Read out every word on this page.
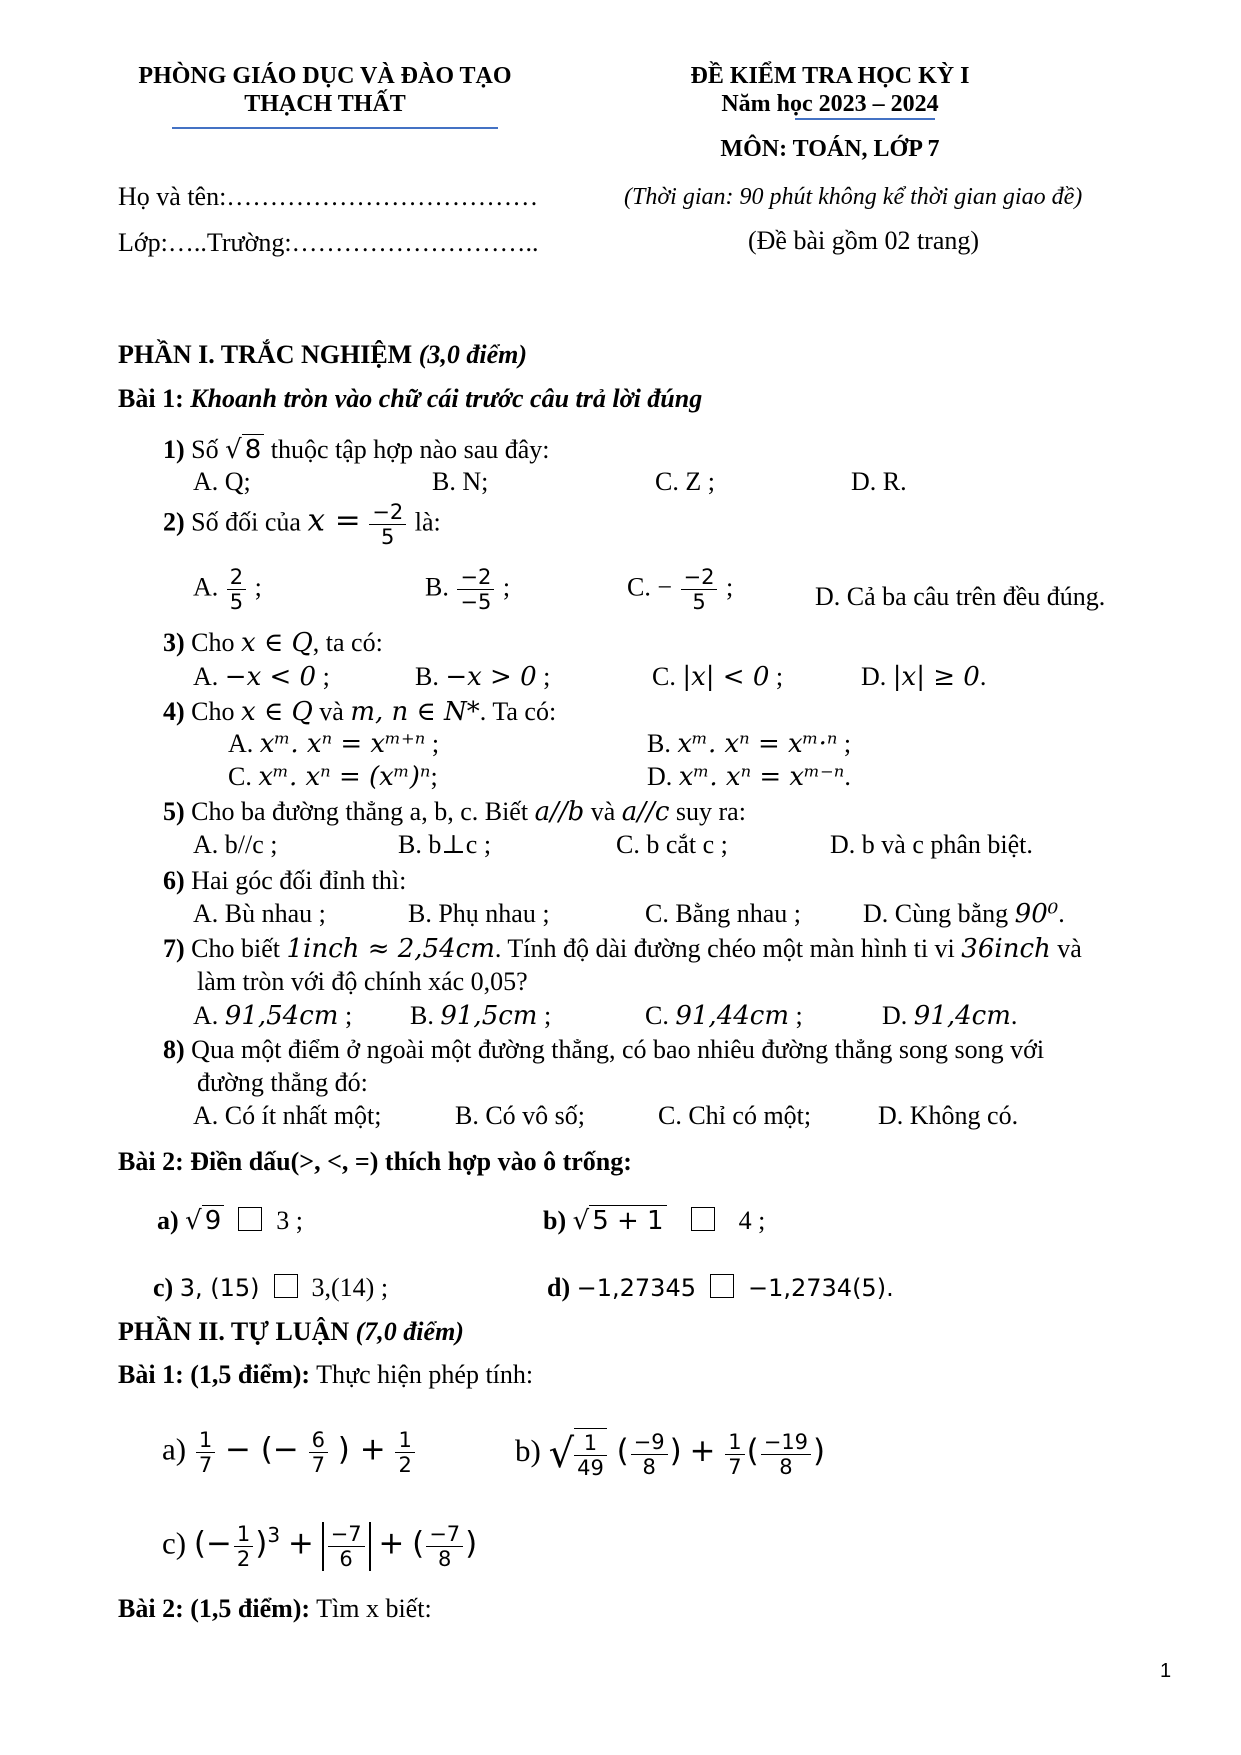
PHÒNG GIÁO DỤC VÀ ĐÀO TẠO
THẠCH THẤT
ĐỀ KIỂM TRA HỌC KỲ I
Năm học 2023 – 2024
MÔN: TOÁN, LỚP 7
Họ và tên:………………………………	(Thời gian: 90 phút không kể thời gian giao đề)
Lớp:…..Trường:………………………..	(Đề bài gồm 02 trang)
PHẦN I. TRẮC NGHIỆM (3,0 điểm)
Bài 1: Khoanh tròn vào chữ cái trước câu trả lời đúng
1) Số √ 8 thuộc tập hợp nào sau đây:
A. Q;	B. N;	C. Z ;	D. R.
2) Số đối của $x = \frac{-2}{5}$ là:
A. $\frac{2}{5}$ ;	B. $\frac{-2}{-5}$ ;	C. − $\frac{-2}{5}$ ;	D. Cả ba câu trên đều đúng.
3) Cho x ∈ Q, ta có:
A. −x < 0 ;	B. −x > 0 ;	C. |x| < 0 ;	D. |x| ≥ 0.
4) Cho x ∈ Q và m, n ∈ N*. Ta có:
A. xᵐ. xⁿ = xᵐ⁺ⁿ ;	B. xᵐ. xⁿ = xᵐ·ⁿ ;
C. xᵐ. xⁿ = (xᵐ)ⁿ;	D. xᵐ. xⁿ = xᵐ⁻ⁿ.
5) Cho ba đường thẳng a, b, c. Biết a//b và a//c suy ra:
A. b//c ;	B. b⊥c ;	C. b cắt c ;	D. b và c phân biệt.
6) Hai góc đối đỉnh thì:
A. Bù nhau ;	B. Phụ nhau ;	C. Bằng nhau ; D. Cùng bằng 90⁰.
7) Cho biết 1inch ≈ 2,54cm. Tính độ dài đường chéo một màn hình ti vi 36inch và
làm tròn với độ chính xác 0,05?
A. 91,54cm ; B. 91,5cm ;	C. 91,44cm ;	D. 91,4cm.
8) Qua một điểm ở ngoài một đường thẳng, có bao nhiêu đường thẳng song song với
đường thẳng đó:
A. Có ít nhất một;	B. Có vô số;	C. Chỉ có một;	D. Không có.
Bài 2: Điền dấu(>, <, =) thích hợp vào ô trống:
a) √ 9 3 ;	b) √ 5 + 1	4 ;
c) 3, (15) 3,(14) ;	d) −1,27345 −1,2734(5).
PHẦN II. TỰ LUẬN (7,0 điểm)
Bài 1: (1,5 điểm): Thực hiện phép tính:
$a) \frac{1}{7}$ − (− $\frac{6}{7}$ ) + $\frac{1}{2}$	b) √ $\frac{1}{49}$ ( $\frac{-9}{8}$ ) + $\frac{1}{7}$ ( $\frac{-19}{8}$ )
c) (− $\frac{1}{2} )^3 + \frac{-7}{6}$ + ( $\frac{-7}{8}$ )
Bài 2: (1,5 điểm): Tìm x biết:
1
